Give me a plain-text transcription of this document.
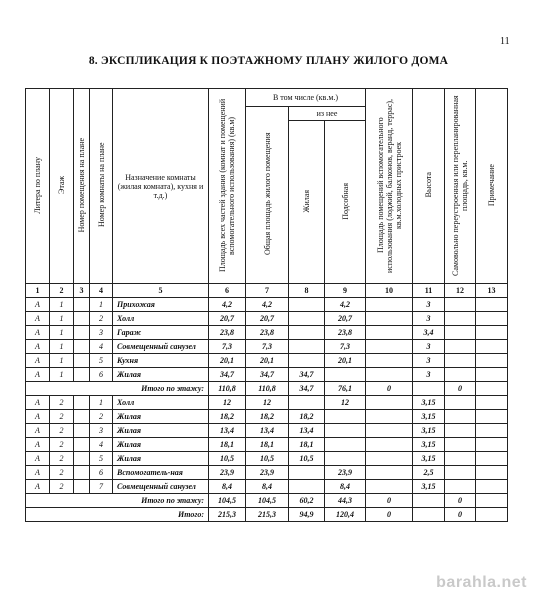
11
8. ЭКСПЛИКАЦИЯ К ПОЭТАЖНОМУ ПЛАНУ ЖИЛОГО ДОМА
Литера по плану	Этаж	Номер помещения на плане	Номер комнаты на плане	Назначение комнаты (жилая комната), кухня и т.д.)	Площадь всех частей здания (комнат и помещений вспомогательного использования) (кв.м)	В том числе (кв.м.)			Площадь помещений вспомогательного использования (лоджий, балконов, веранд, террас), кв.м.холодных пристроек	Высота	Самовольно переустроенная или перепланированная площадь, кв.м.	Примечание
						Общая площадь жилого помещения	из нее					
							Жилая	Подсобная				
1	2	3	4	5	6	7	8	9	10	11	12	13
А	1		1	Прихожая	4,2	4,2		4,2		3		
А	1		2	Холл	20,7	20,7		20,7		3		
А	1		3	Гараж	23,8	23,8		23,8		3,4		
А	1		4	Совмещенный санузел	7,3	7,3		7,3		3		
А	1		5	Кухня	20,1	20,1		20,1		3		
А	1		6	Жилая	34,7	34,7	34,7			3		
Итого по этажу:					110,8	110,8	34,7	76,1	0		0	
А	2		1	Холл	12	12		12		3,15		
А	2		2	Жилая	18,2	18,2	18,2			3,15		
А	2		3	Жилая	13,4	13,4	13,4			3,15		
А	2		4	Жилая	18,1	18,1	18,1			3,15		
А	2		5	Жилая	10,5	10,5	10,5			3,15		
А	2		6	Вспомогатель-ная	23,9	23,9		23,9		2,5		
А	2		7	Совмещенный санузел	8,4	8,4		8,4		3,15		
Итого по этажу:					104,5	104,5	60,2	44,3	0		0	
Итого:					215,3	215,3	94,9	120,4	0		0	
barahla.net
